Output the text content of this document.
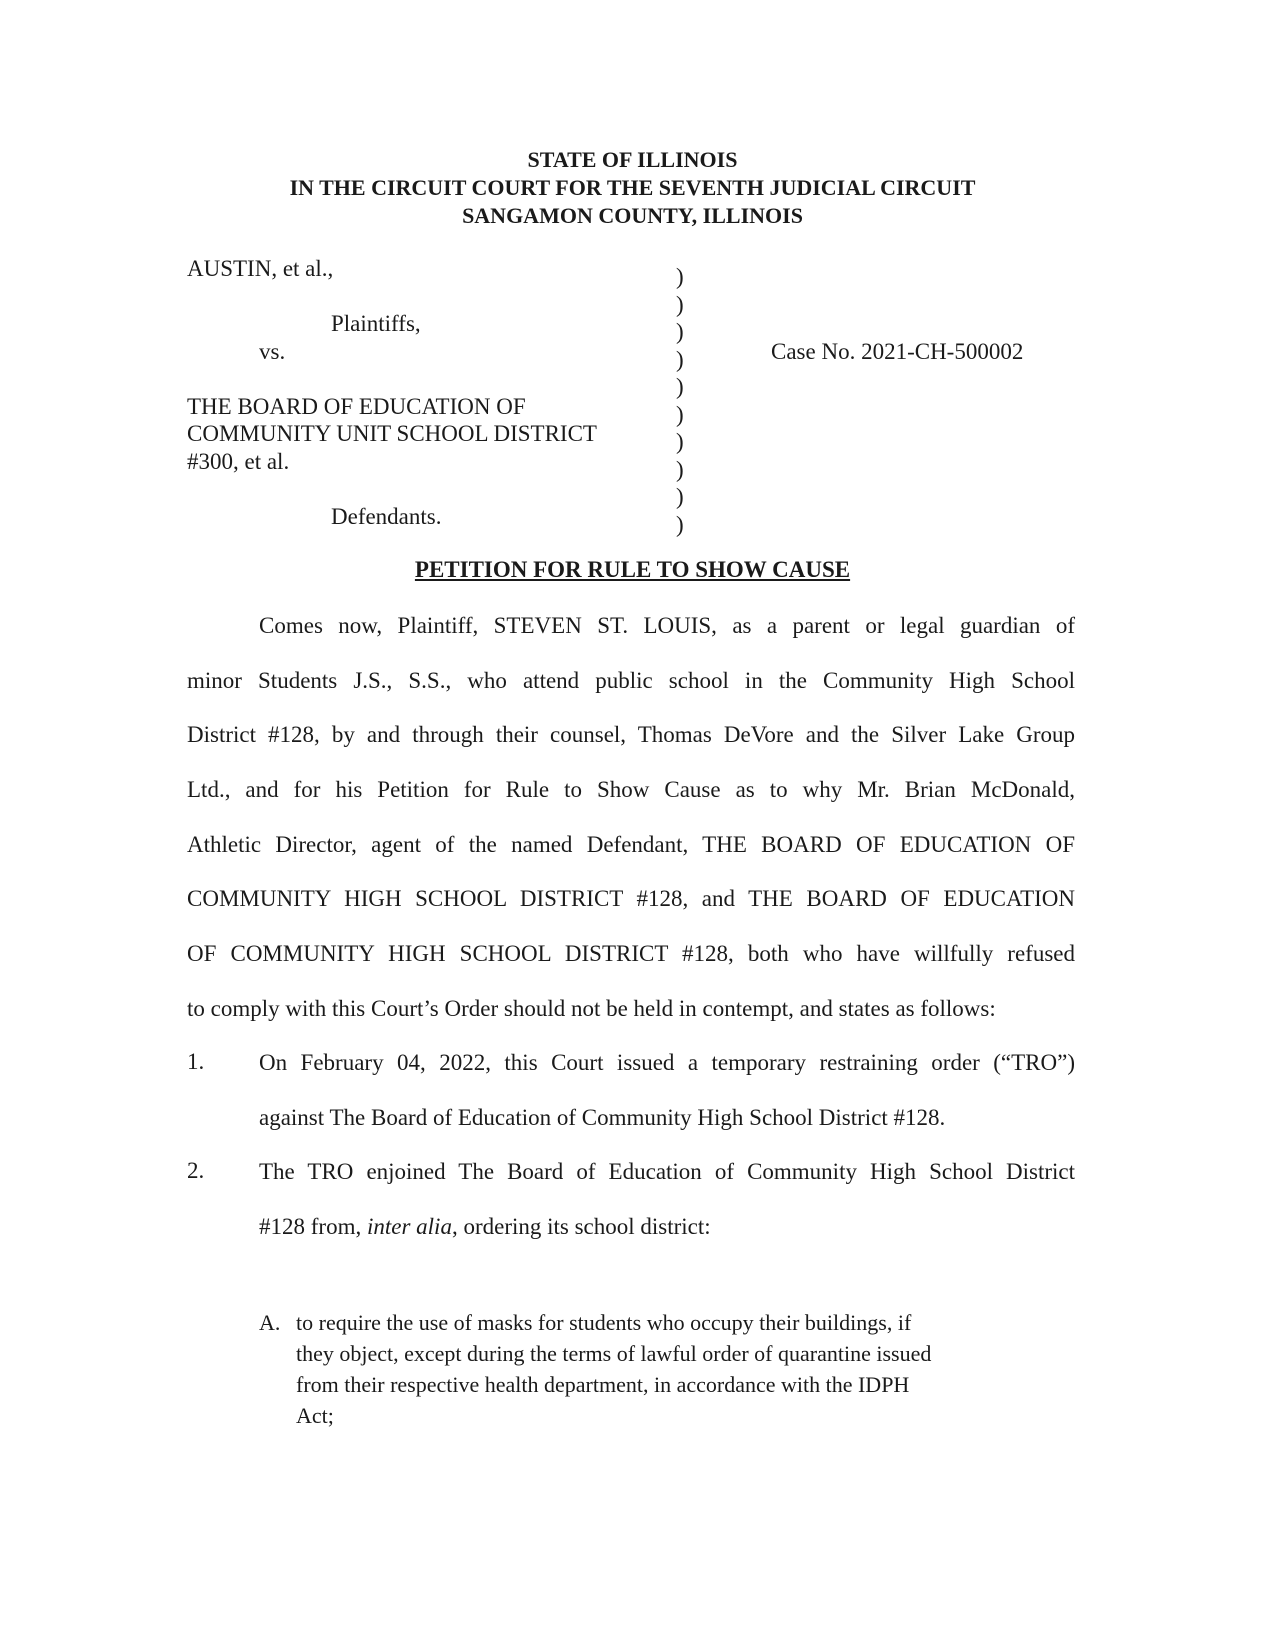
STATE OF ILLINOIS
IN THE CIRCUIT COURT FOR THE SEVENTH JUDICIAL CIRCUIT
SANGAMON COUNTY, ILLINOIS
AUSTIN, et al.,
Plaintiffs,
vs.
THE BOARD OF EDUCATION OF
COMMUNITY UNIT SCHOOL DISTRICT
#300, et al.
Defendants.
)
)
)
)
)
)
)
)
)
)
Case No. 2021-CH-500002
PETITION FOR RULE TO SHOW CAUSE
Comes now, Plaintiff, STEVEN ST. LOUIS, as a parent or legal guardian of
minor Students J.S., S.S., who attend public school in the Community High School
District #128, by and through their counsel, Thomas DeVore and the Silver Lake Group
Ltd., and for his Petition for Rule to Show Cause as to why Mr. Brian McDonald,
Athletic Director, agent of the named Defendant, THE BOARD OF EDUCATION OF
COMMUNITY HIGH SCHOOL DISTRICT #128, and THE BOARD OF EDUCATION
OF COMMUNITY HIGH SCHOOL DISTRICT #128, both who have willfully refused
to comply with this Court’s Order should not be held in contempt, and states as follows:
1. On February 04, 2022, this Court issued a temporary restraining order (“TRO”)
against The Board of Education of Community High School District #128.
2. The TRO enjoined The Board of Education of Community High School District
#128 from, inter alia, ordering its school district:
A. to require the use of masks for students who occupy their buildings, if
they object, except during the terms of lawful order of quarantine issued
from their respective health department, in accordance with the IDPH
Act;
